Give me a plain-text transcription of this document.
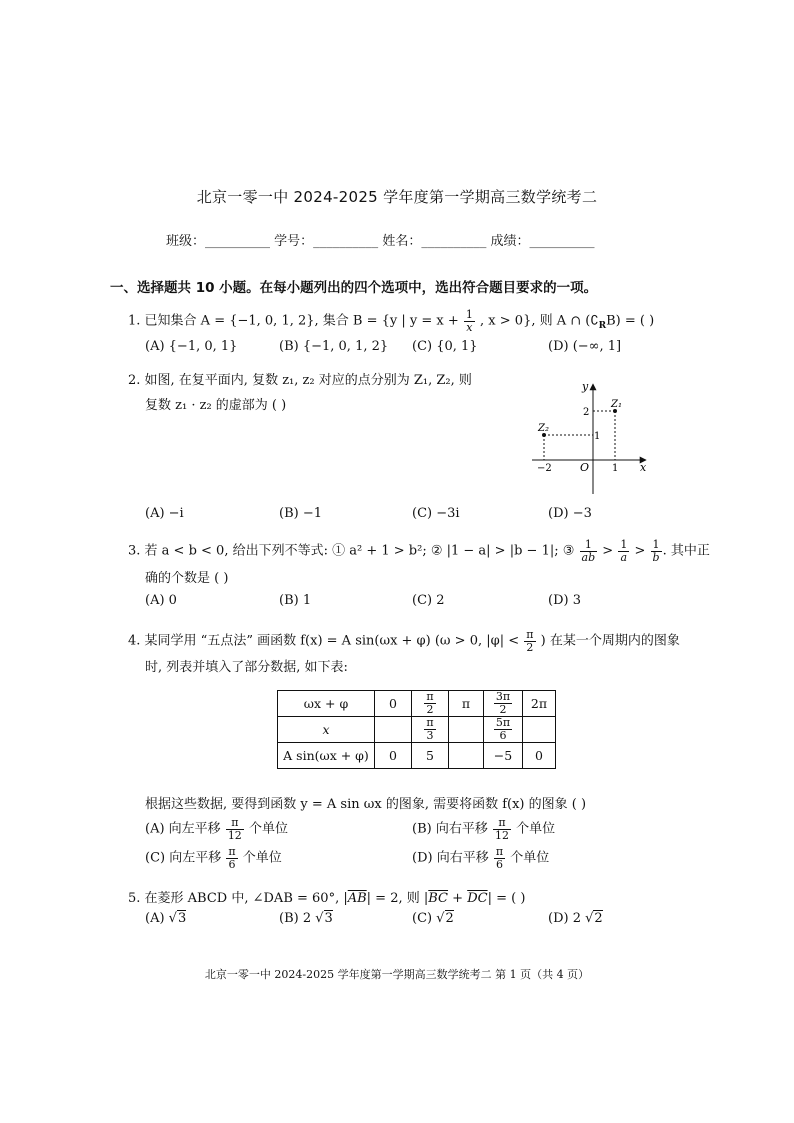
北京一零一中 2024-2025 学年度第一学期高三数学统考二
班级：__________ 学号：__________ 姓名：__________ 成绩：__________
一、选择题共 10 小题。在每小题列出的四个选项中，选出符合题目要求的一项。
1. 已知集合 A = {−1, 0, 1, 2}, 集合 B = {y | $y = x + \frac{1}{x}$ , x > 0}, 则 A ∩ $(∁_RB)$ = ( )
(A) {−1, 0, 1}	(B) {−1, 0, 1, 2} (C) {0, 1}	(D) (−∞, 1]
2. 如图, 在复平面内, 复数 z₁, z₂ 对应的点分别为 Z₁, Z₂, 则
复数 z₁ · z₂ 的虚部为 ( )
y
x
O
Z₁
Z₂
2
1
−2	1
(A) −i	(B) −1	(C) −3i	(D) −3
3. 若 a < b < 0, 给出下列不等式: ① a² + 1 > b²; ② |1 − a| > |b − 1|; ③ $\frac{1}{ab} > \frac{1}{a} > \frac{1}{b}$ . 其中正
确的个数是 ( )
(A) 0	(B) 1	(C) 2	(D) 3
4. 某同学用 “五点法” 画函数 f(x) = A sin(ωx + φ) (ω > 0, $|\varphi| < \frac{\pi}{2}$ ) 在某一个周期内的图象
时, 列表并填入了部分数据, 如下表:
ωx + φ	0	$\frac{\pi}{2}$	π	$\frac{3\pi}{2}$	2π
x		$\frac{\pi}{3}$		$\frac{5\pi}{6}$

A sin(ωx + φ)	0	5		−5	0
根据这些数据, 要得到函数 y = A sin ωx 的图象, 需要将函数 f(x) 的图象 ( )
(A) 向左平移 $\frac{\pi}{12}$ 个单位	(B) 向右平移 $\frac{\pi}{12}$ 个单位
(C) 向左平移 $\frac{\pi}{6}$ 个单位	(D) 向右平移 $\frac{\pi}{6}$ 个单位
5. 在菱形 ABCD 中, ∠DAB = 60°, $|\overline{AB}| = 2$, 则 $|\overline{BC} + \overline{DC}|$ = ( )
(A) √3	(B) 2 √3	(C) √2	(D) 2 √2
北京一零一中 2024-2025 学年度第一学期高三数学统考二 第 1 页（共 4 页）
